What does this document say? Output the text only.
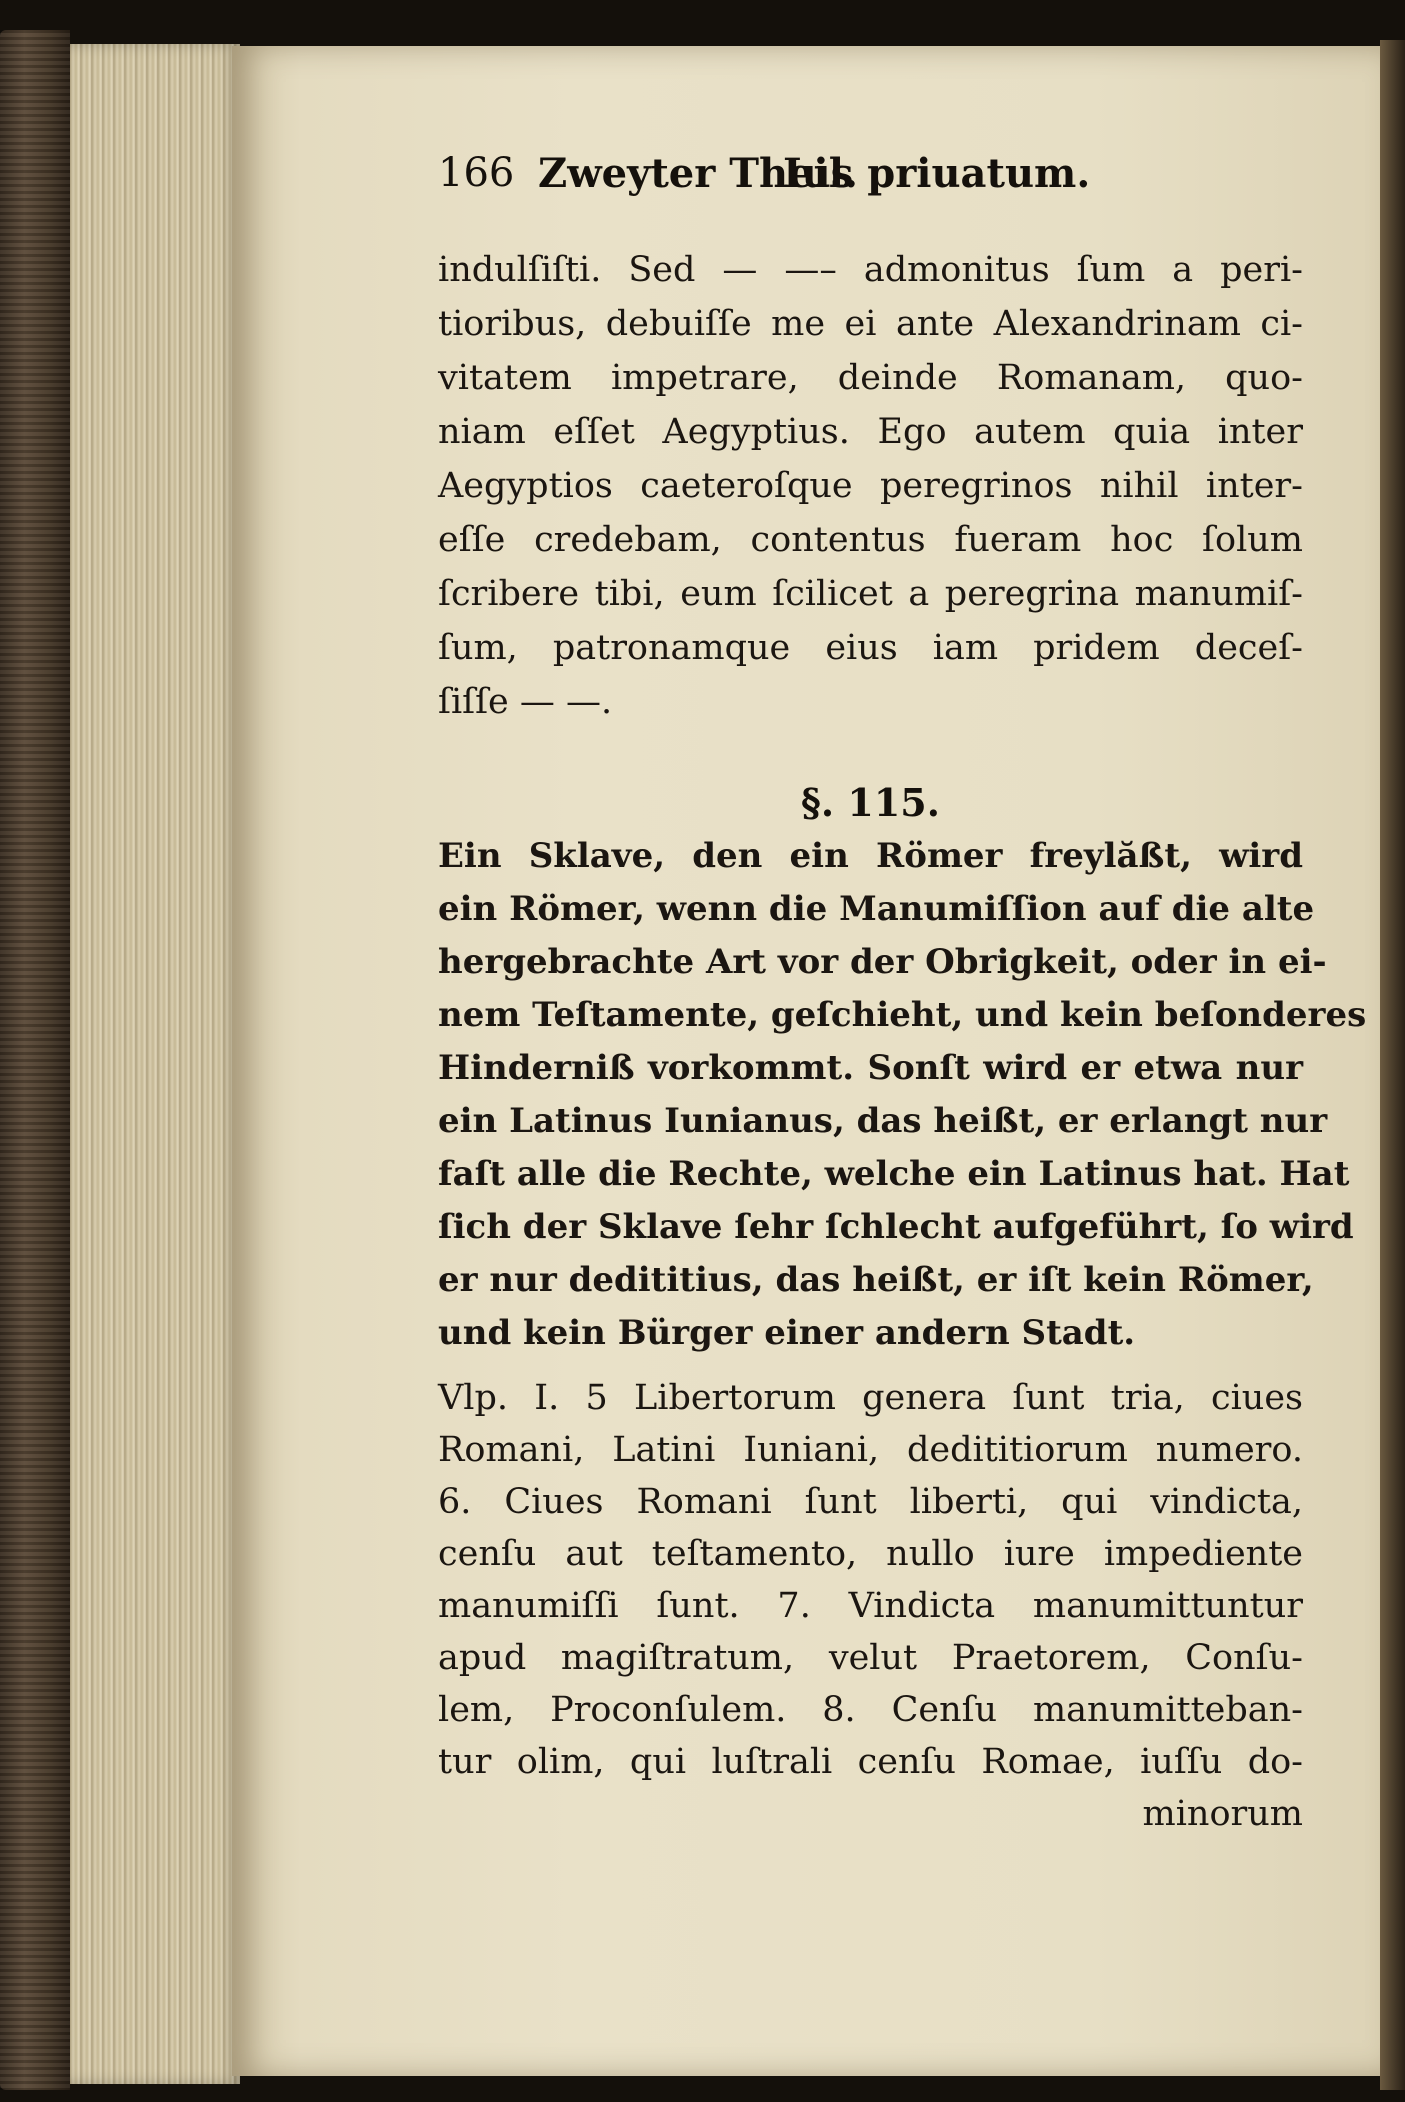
166 Zweyter Theil.
Ius priuatum.
indulſiſti. Sed — —– admonitus ſum a peri-
tioribus, debuiſſe me ei ante Alexandrinam ci-
vitatem impetrare, deinde Romanam, quo-
niam eſſet Aegyptius. Ego autem quia inter
Aegyptios caeteroſque peregrinos nihil inter-
eſſe credebam, contentus fueram hoc ſolum
ſcribere tibi, eum ſcilicet a peregrina manumiſ-
ſum, patronamque eius iam pridem deceſ-
ſiſſe — —.
§. 115.
Ein Sklave, den ein Römer freylăßt, wird
ein Römer, wenn die Manumiſſion auf die alte
hergebrachte Art vor der Obrigkeit, oder in ei-
nem Teſtamente, geſchieht, und kein beſonderes
Hinderniß vorkommt. Sonſt wird er etwa nur
ein Latinus Iunianus, das heißt, er erlangt nur
faſt alle die Rechte, welche ein Latinus hat. Hat
ſich der Sklave ſehr ſchlecht aufgeführt, ſo wird
er nur dedititius, das heißt, er iſt kein Römer,
und kein Bürger einer andern Stadt.
Vlp. I. 5 Libertorum genera ſunt tria, ciues
Romani, Latini Iuniani, dedititiorum numero.
6. Ciues Romani ſunt liberti, qui vindicta,
cenſu aut teſtamento, nullo iure impediente
manumiſſi ſunt. 7. Vindicta manumittuntur
apud magiſtratum, velut Praetorem, Conſu-
lem, Proconſulem. 8. Cenſu manumitteban-
tur olim, qui luſtrali cenſu Romae, iuſſu do-
minorum
